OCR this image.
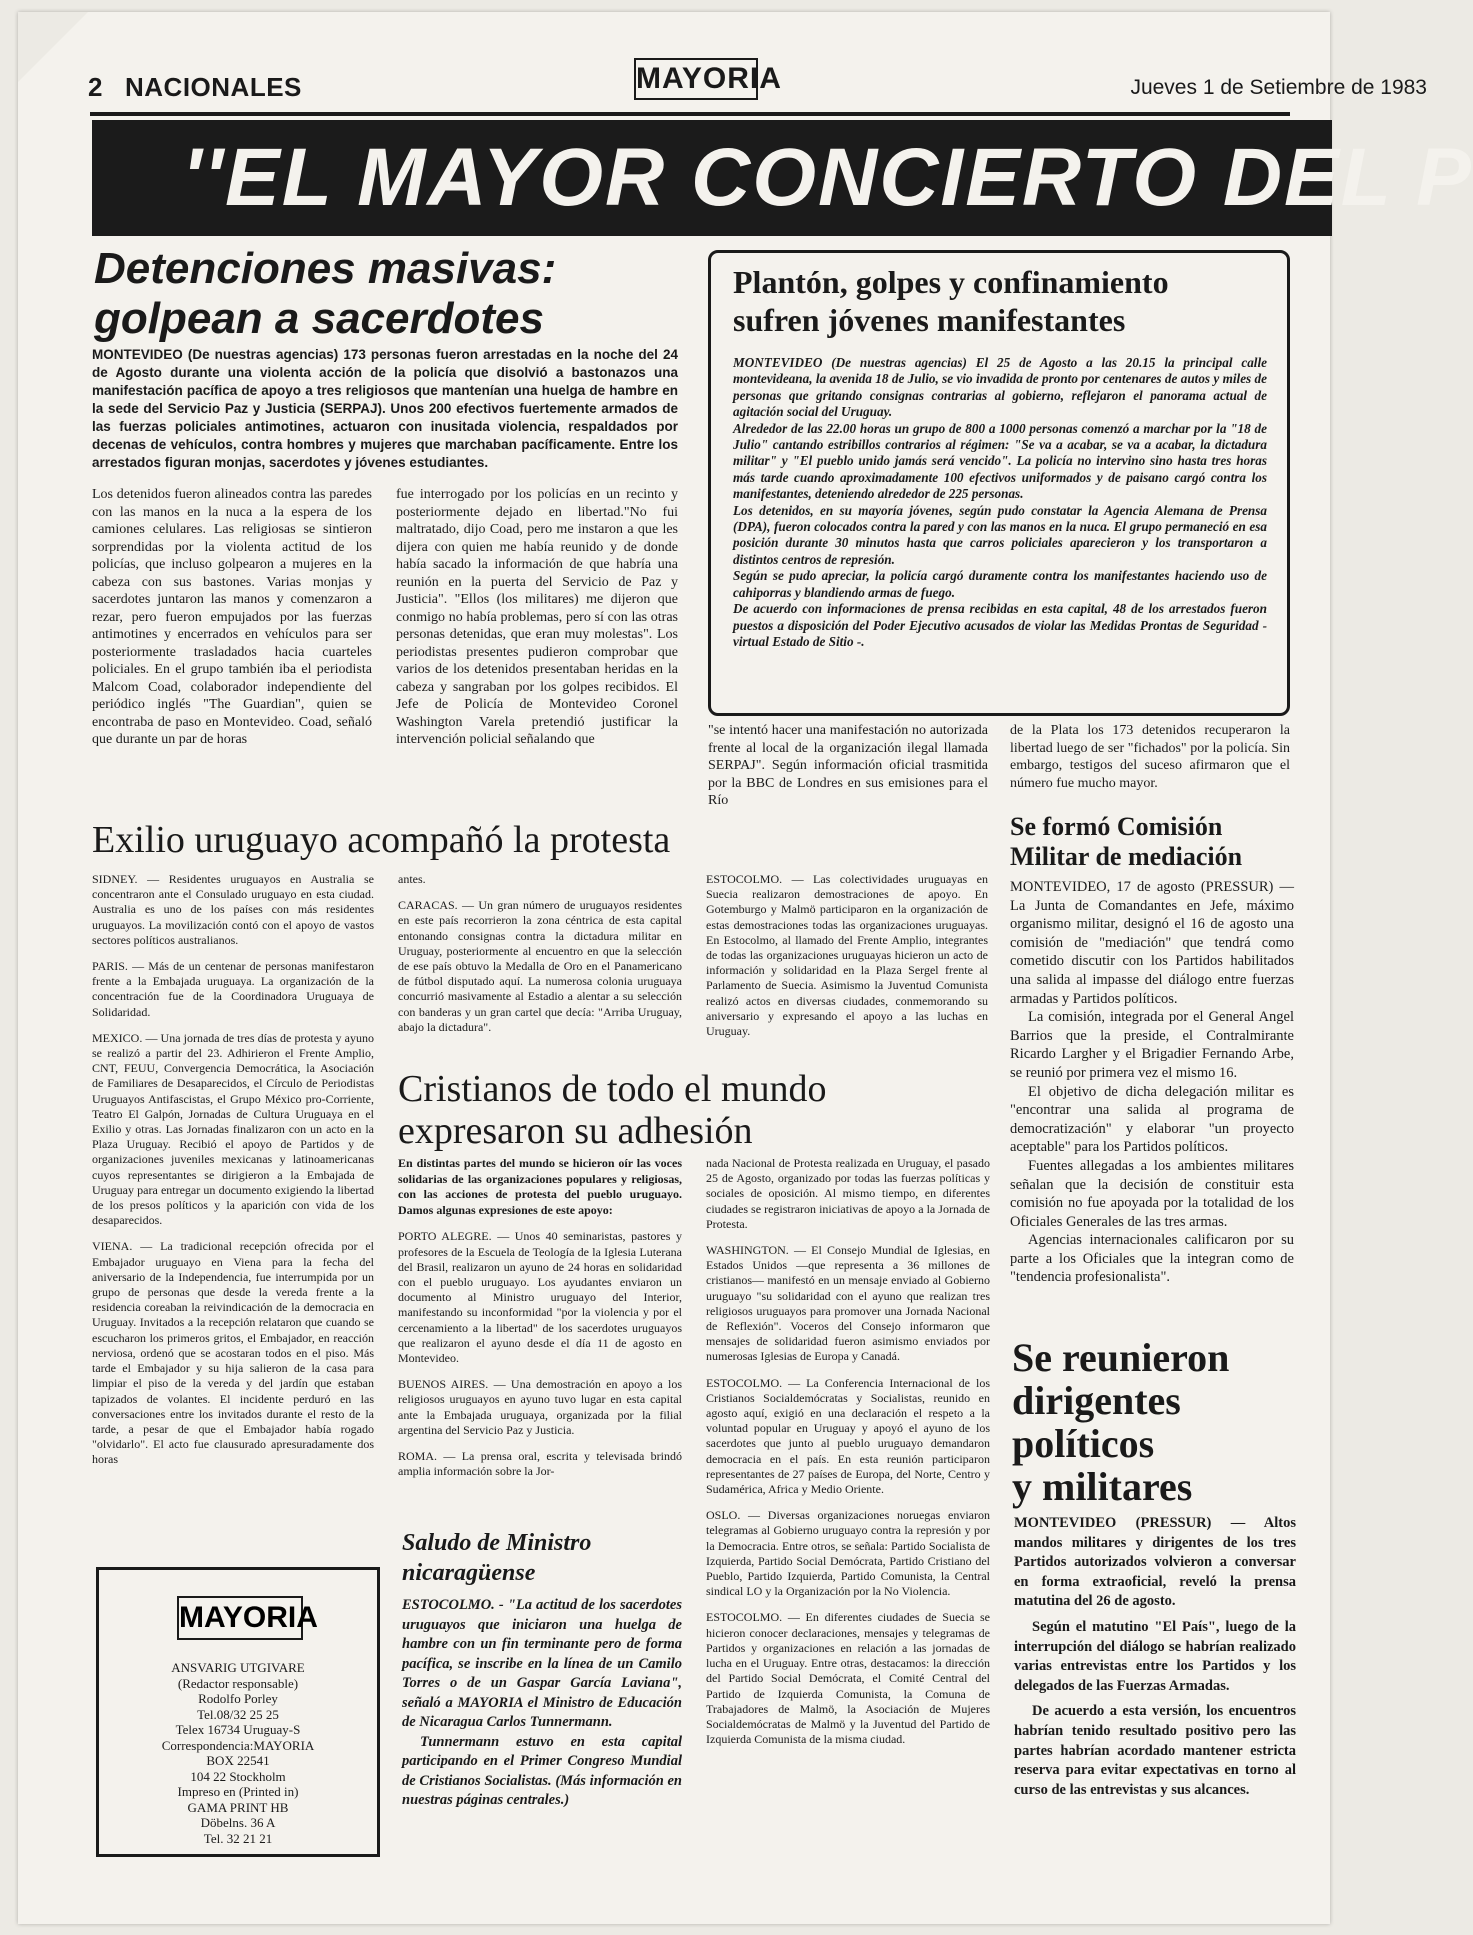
2 NACIONALES	MAYORIA	Jueves 1 de Setiembre de 1983
''EL MAYOR CONCIERTO DEL P
Detenciones masivas:
golpean a sacerdotes
MONTEVIDEO (De nuestras agencias) 173 personas fueron arrestadas en la noche del 24 de Agosto durante una violenta acción de la policía que disolvió a bastonazos una manifestación pacífica de apoyo a tres religiosos que mantenían una huelga de hambre en la sede del Servicio Paz y Justicia (SERPAJ). Unos 200 efectivos fuertemente armados de las fuerzas policiales antimotines, actuaron con inusitada violencia, respaldados por decenas de vehículos, contra hombres y mujeres que marchaban pacíficamente. Entre los arrestados figuran monjas, sacerdotes y jóvenes estudiantes.
Los detenidos fueron alineados contra las paredes con las manos en la nuca a la espera de los camiones celulares. Las religiosas se sintieron sorprendidas por la violenta actitud de los policías, que incluso golpearon a mujeres en la cabeza con sus bastones. Varias monjas y sacerdotes juntaron las manos y comenzaron a rezar, pero fueron empujados por las fuerzas antimotines y encerrados en vehículos para ser posteriormente trasladados hacia cuarteles policiales. En el grupo también iba el periodista Malcom Coad, colaborador independiente del periódico inglés "The Guardian", quien se encontraba de paso en Montevideo. Coad, señaló que durante un par de horas
fue interrogado por los policías en un recinto y posteriormente dejado en libertad."No fui maltratado, dijo Coad, pero me instaron a que les dijera con quien me había reunido y de donde había sacado la información de que habría una reunión en la puerta del Servicio de Paz y Justicia". "Ellos (los militares) me dijeron que conmigo no había problemas, pero sí con las otras personas detenidas, que eran muy molestas". Los periodistas presentes pudieron comprobar que varios de los detenidos presentaban heridas en la cabeza y sangraban por los golpes recibidos. El Jefe de Policía de Montevideo Coronel Washington Varela pretendió justificar la intervención policial señalando que
"se intentó hacer una manifestación no autorizada frente al local de la organización ilegal llamada SERPAJ". Según información oficial trasmitida por la BBC de Londres en sus emisiones para el Río
de la Plata los 173 detenidos recuperaron la libertad luego de ser "fichados" por la policía. Sin embargo, testigos del suceso afirmaron que el número fue mucho mayor.
Plantón, golpes y confinamiento
sufren jóvenes manifestantes

MONTEVIDEO (De nuestras agencias) El 25 de Agosto a las 20.15 la principal calle montevideana, la avenida 18 de Julio, se vio invadida de pronto por centenares de autos y miles de personas que gritando consignas contrarias al gobierno, reflejaron el panorama actual de agitación social del Uruguay.

Alrededor de las 22.00 horas un grupo de 800 a 1000 personas comenzó a marchar por la "18 de Julio" cantando estribillos contrarios al régimen: "Se va a acabar, se va a acabar, la dictadura militar" y "El pueblo unido jamás será vencido". La policía no intervino sino hasta tres horas más tarde cuando aproximadamente 100 efectivos uniformados y de paisano cargó contra los manifestantes, deteniendo alrededor de 225 personas.

Los detenidos, en su mayoría jóvenes, según pudo constatar la Agencia Alemana de Prensa (DPA), fueron colocados contra la pared y con las manos en la nuca. El grupo permaneció en esa posición durante 30 minutos hasta que carros policiales aparecieron y los transportaron a distintos centros de represión.

Según se pudo apreciar, la policía cargó duramente contra los manifestantes haciendo uso de cahiporras y blandiendo armas de fuego.

De acuerdo con informaciones de prensa recibidas en esta capital, 48 de los arrestados fueron puestos a disposición del Poder Ejecutivo acusados de violar las Medidas Prontas de Seguridad - virtual Estado de Sitio -.

Exilio uruguayo acompañó la protesta

SIDNEY. — Residentes uruguayos en Australia se concentraron ante el Consulado uruguayo en esta ciudad. Australia es uno de los países con más residentes uruguayos. La movilización contó con el apoyo de vastos sectores políticos australianos.

PARIS. — Más de un centenar de personas manifestaron frente a la Embajada uruguaya. La organización de la concentración fue de la Coordinadora Uruguaya de Solidaridad.

MEXICO. — Una jornada de tres días de protesta y ayuno se realizó a partir del 23. Adhirieron el Frente Amplio, CNT, FEUU, Convergencia Democrática, la Asociación de Familiares de Desaparecidos, el Círculo de Periodistas Uruguayos Antifascistas, el Grupo México pro-Corriente, Teatro El Galpón, Jornadas de Cultura Uruguaya en el Exilio y otras. Las Jornadas finalizaron con un acto en la Plaza Uruguay. Recibió el apoyo de Partidos y de organizaciones juveniles mexicanas y latinoamericanas cuyos representantes se dirigieron a la Embajada de Uruguay para entregar un documento exigiendo la libertad de los presos políticos y la aparición con vida de los desaparecidos.

VIENA. — La tradicional recepción ofrecida por el Embajador uruguayo en Viena para la fecha del aniversario de la Independencia, fue interrumpida por un grupo de personas que desde la vereda frente a la residencia coreaban la reivindicación de la democracia en Uruguay. Invitados a la recepción relataron que cuando se escucharon los primeros gritos, el Embajador, en reacción nerviosa, ordenó que se acostaran todos en el piso. Más tarde el Embajador y su hija salieron de la casa para limpiar el piso de la vereda y del jardín que estaban tapizados de volantes. El incidente perduró en las conversaciones entre los invitados durante el resto de la tarde, a pesar de que el Embajador había rogado "olvidarlo". El acto fue clausurado apresuradamente dos horas

antes.

CARACAS. — Un gran número de uruguayos residentes en este país recorrieron la zona céntrica de esta capital entonando consignas contra la dictadura militar en Uruguay, posteriormente al encuentro en que la selección de ese país obtuvo la Medalla de Oro en el Panamericano de fútbol disputado aquí. La numerosa colonia uruguaya concurrió masivamente al Estadio a alentar a su selección con banderas y un gran cartel que decía: "Arriba Uruguay, abajo la dictadura".

ESTOCOLMO. — Las colectividades uruguayas en Suecia realizaron demostraciones de apoyo. En Gotemburgo y Malmö participaron en la organización de estas demostraciones todas las organizaciones uruguayas. En Estocolmo, al llamado del Frente Amplio, integrantes de todas las organizaciones uruguayas hicieron un acto de información y solidaridad en la Plaza Sergel frente al Parlamento de Suecia. Asimismo la Juventud Comunista realizó actos en diversas ciudades, conmemorando su aniversario y expresando el apoyo a las luchas en Uruguay.

Cristianos de todo el mundo
expresaron su adhesión

En distintas partes del mundo se hicieron oír las voces solidarias de las organizaciones populares y religiosas, con las acciones de protesta del pueblo uruguayo. Damos algunas expresiones de este apoyo:

PORTO ALEGRE. — Unos 40 seminaristas, pastores y profesores de la Escuela de Teología de la Iglesia Luterana del Brasil, realizaron un ayuno de 24 horas en solidaridad con el pueblo uruguayo. Los ayudantes enviaron un documento al Ministro uruguayo del Interior, manifestando su inconformidad "por la violencia y por el cercenamiento a la libertad" de los sacerdotes uruguayos que realizaron el ayuno desde el día 11 de agosto en Montevideo.

BUENOS AIRES. — Una demostración en apoyo a los religiosos uruguayos en ayuno tuvo lugar en esta capital ante la Embajada uruguaya, organizada por la filial argentina del Servicio Paz y Justicia.

ROMA. — La prensa oral, escrita y televisada brindó amplia información sobre la Jor-

nada Nacional de Protesta realizada en Uruguay, el pasado 25 de Agosto, organizado por todas las fuerzas políticas y sociales de oposición. Al mismo tiempo, en diferentes ciudades se registraron iniciativas de apoyo a la Jornada de Protesta.

WASHINGTON. — El Consejo Mundial de Iglesias, en Estados Unidos —que representa a 36 millones de cristianos— manifestó en un mensaje enviado al Gobierno uruguayo "su solidaridad con el ayuno que realizan tres religiosos uruguayos para promover una Jornada Nacional de Reflexión". Voceros del Consejo informaron que mensajes de solidaridad fueron asimismo enviados por numerosas Iglesias de Europa y Canadá.

ESTOCOLMO. — La Conferencia Internacional de los Cristianos Socialdemócratas y Socialistas, reunido en agosto aquí, exigió en una declaración el respeto a la voluntad popular en Uruguay y apoyó el ayuno de los sacerdotes que junto al pueblo uruguayo demandaron democracia en el país. En esta reunión participaron representantes de 27 países de Europa, del Norte, Centro y Sudamérica, Africa y Medio Oriente.

OSLO. — Diversas organizaciones noruegas enviaron telegramas al Gobierno uruguayo contra la represión y por la Democracia. Entre otros, se señala: Partido Socialista de Izquierda, Partido Social Demócrata, Partido Cristiano del Pueblo, Partido Izquierda, Partido Comunista, la Central sindical LO y la Organización por la No Violencia.

ESTOCOLMO. — En diferentes ciudades de Suecia se hicieron conocer declaraciones, mensajes y telegramas de Partidos y organizaciones en relación a las jornadas de lucha en el Uruguay. Entre otras, destacamos: la dirección del Partido Social Demócrata, el Comité Central del Partido de Izquierda Comunista, la Comuna de Trabajadores de Malmö, la Asociación de Mujeres Socialdemócratas de Malmö y la Juventud del Partido de Izquierda Comunista de la misma ciudad.

Saludo de Ministro
nicaragüense

ESTOCOLMO. - "La actitud de los sacerdotes uruguayos que iniciaron una huelga de hambre con un fin terminante pero de forma pacífica, se inscribe en la línea de un Camilo Torres o de un Gaspar García Laviana", señaló a MAYORIA el Ministro de Educación de Nicaragua Carlos Tunnermann.

Tunnermann estuvo en esta capital participando en el Primer Congreso Mundial de Cristianos Socialistas. (Más información en nuestras páginas centrales.)

Se formó Comisión
Militar de mediación

MONTEVIDEO, 17 de agosto (PRESSUR) — La Junta de Comandantes en Jefe, máximo organismo militar, designó el 16 de agosto una comisión de "mediación" que tendrá como cometido discutir con los Partidos habilitados una salida al impasse del diálogo entre fuerzas armadas y Partidos políticos.

La comisión, integrada por el General Angel Barrios que la preside, el Contralmirante Ricardo Largher y el Brigadier Fernando Arbe, se reunió por primera vez el mismo 16.

El objetivo de dicha delegación militar es "encontrar una salida al programa de democratización" y elaborar "un proyecto aceptable" para los Partidos políticos.

Fuentes allegadas a los ambientes militares señalan que la decisión de constituir esta comisión no fue apoyada por la totalidad de los Oficiales Generales de las tres armas.

Agencias internacionales calificaron por su parte a los Oficiales que la integran como de "tendencia profesionalista".

Se reunieron
dirigentes
políticos
y militares

MONTEVIDEO (PRESSUR) — Altos mandos militares y dirigentes de los tres Partidos autorizados volvieron a conversar en forma extraoficial, reveló la prensa matutina del 26 de agosto.

Según el matutino "El País", luego de la interrupción del diálogo se habrían realizado varias entrevistas entre los Partidos y los delegados de las Fuerzas Armadas.

De acuerdo a esta versión, los encuentros habrían tenido resultado positivo pero las partes habrían acordado mantener estricta reserva para evitar expectativas en torno al curso de las entrevistas y sus alcances.

MAYORIA
ANSVARIG UTGIVARE
(Redactor responsable)
Rodolfo Porley
Tel.08/32 25 25
Telex 16734 Uruguay-S
Correspondencia:MAYORIA
BOX 22541
104 22 Stockholm
Impreso en (Printed in)
GAMA PRINT HB
Döbelns. 36 A
Tel. 32 21 21
